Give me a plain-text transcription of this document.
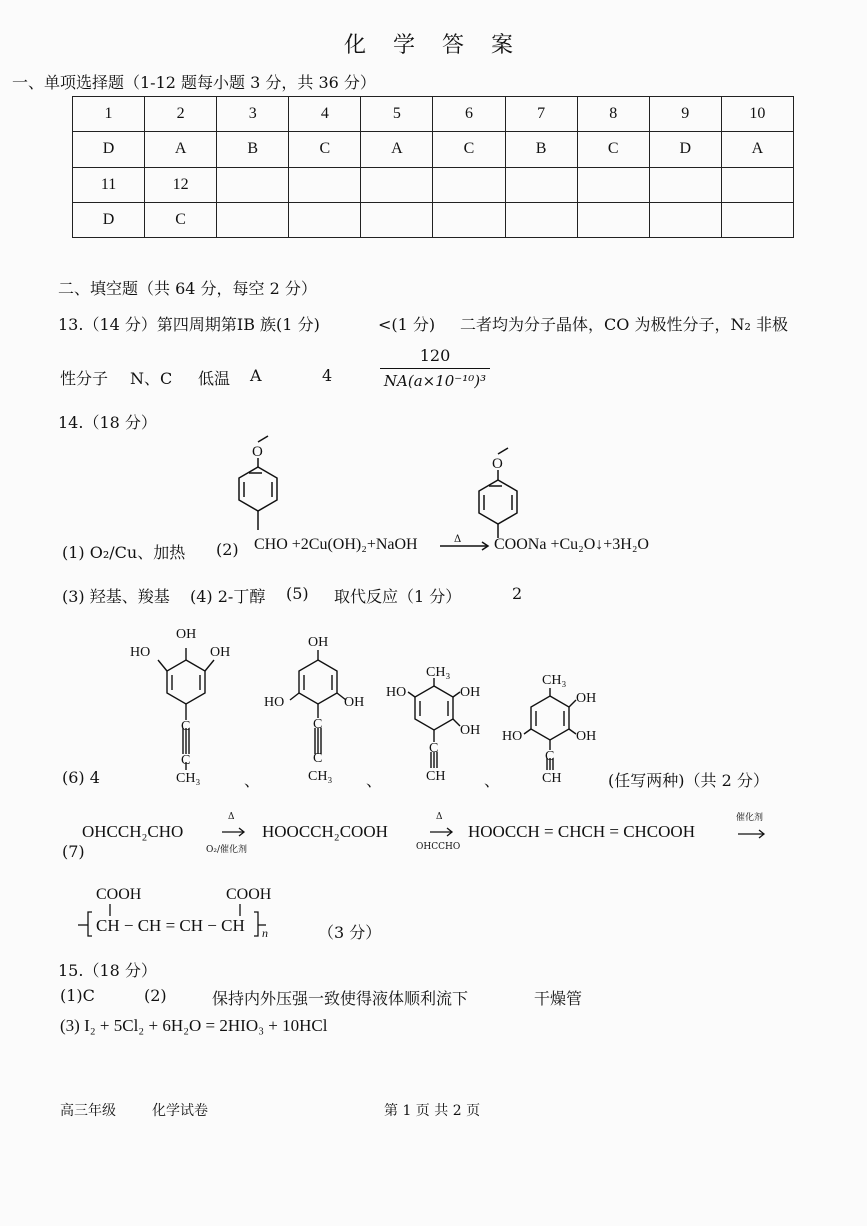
化 学 答 案
一、单项选择题（1-12 题每小题 3 分，共 36 分）
1	2	3	4	5	6	7	8	9	10
D	A	B	C	A	C	B	C	D	A
11	12								
D	C								
二、填空题（共 64 分，每空 2 分）
13.（14 分）第四周期第ⅠB 族(1 分)	<(1 分) 二者均为分子晶体，CO 为极性分子，N₂ 非极
性分子 N、C 低温 A	4	$\frac{120}{\text{NA(a×10⁻¹⁰)³}}$
14.（18 分）
(1) O₂/Cu、加热 (2) CHO +2Cu(OH)₂+NaOH	Δ COONa +Cu₂O↓+3H₂O
(3) 羟基、羧基 (4) 2-丁醇 (5) 取代反应（1 分）	2
(6) 4	、	、	、	(任写两种)（共 2 分）
(7)
OHCCH₂CHO
Δ
O₂/催化剂
HOOCCH₂COOH
Δ
OHCCHO
HOOCCH = CHCH = CHCOOH
催化剂
COOH	COOH
CH − CH = CH − CH n	（3 分）
15.（18 分）
(1)C	(2)	保持内外压强一致使得液体顺利流下	干燥管
(3) I₂ + 5Cl₂ + 6H₂O = 2HIO₃ + 10HCl
高三年级	化学试卷	第 1 页 共 2 页
O
O
OH
HO	OH
C
C
CH₃
OH
HO	OH
C
C
CH₃
CH₃
HO	OH
OH
C
CH
CH₃
OH
OH
HO
C
CH
